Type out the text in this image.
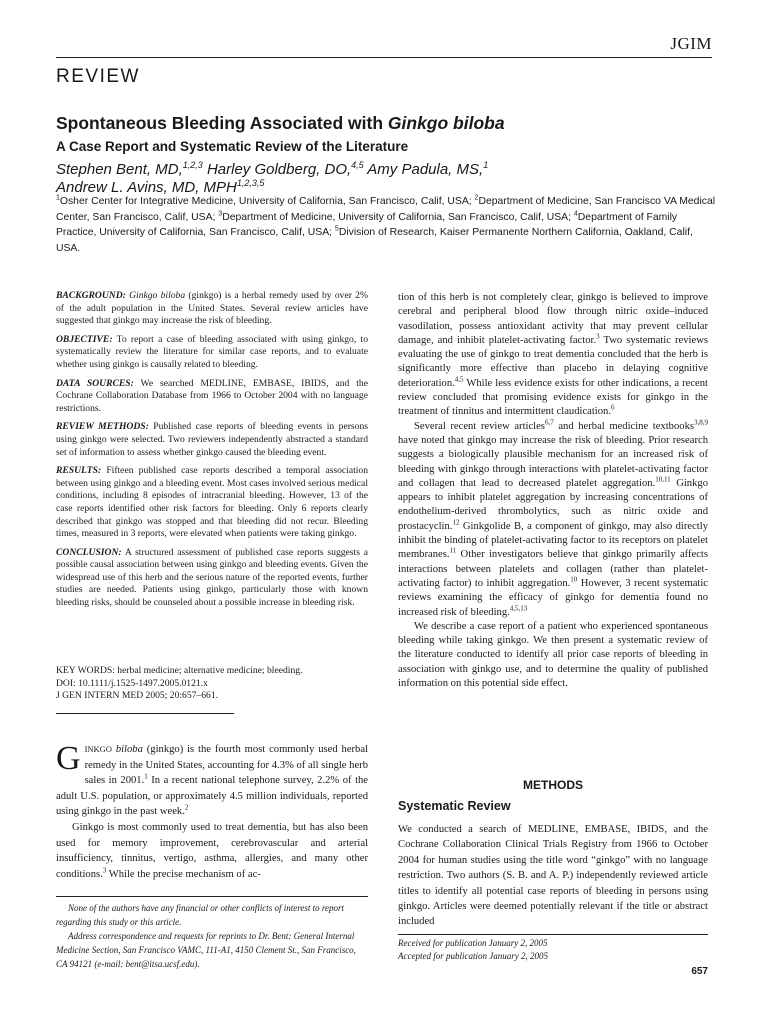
JGIM
REVIEW
Spontaneous Bleeding Associated with Ginkgo biloba
A Case Report and Systematic Review of the Literature
Stephen Bent, MD,$^{1,2,3}$ Harley Goldberg, DO,$^{4,5}$ Amy Padula, MS,$^1$
Andrew L. Avins, MD, MPH$^{1,2,3,5}$
$^1$Osher Center for Integrative Medicine, University of California, San Francisco, Calif, USA; $^2$Department of Medicine, San Francisco VA Medical Center, San Francisco, Calif, USA; $^3$Department of Medicine, University of California, San Francisco, Calif, USA; $^4$Department of Family Practice, University of California, San Francisco, Calif, USA; $^5$Division of Research, Kaiser Permanente Northern California, Oakland, Calif, USA.

BACKGROUND: Ginkgo biloba (ginkgo) is a herbal remedy used by over 2% of the adult population in the United States. Several review articles have suggested that ginkgo may increase the risk of bleeding.

OBJECTIVE: To report a case of bleeding associated with using ginkgo, to systematically review the literature for similar case reports, and to evaluate whether using ginkgo is causally related to bleeding.

DATA SOURCES: We searched MEDLINE, EMBASE, IBIDS, and the Cochrane Collaboration Database from 1966 to October 2004 with no language restrictions.

REVIEW METHODS: Published case reports of bleeding events in persons using ginkgo were selected. Two reviewers independently abstracted a standard set of information to assess whether ginkgo caused the bleeding event.

RESULTS: Fifteen published case reports described a temporal association between using ginkgo and a bleeding event. Most cases involved serious medical conditions, including 8 episodes of intracranial bleeding. However, 13 of the case reports identified other risk factors for bleeding. Only 6 reports clearly described that ginkgo was stopped and that bleeding did not recur. Bleeding times, measured in 3 reports, were elevated when patients were taking ginkgo.

CONCLUSION: A structured assessment of published case reports suggests a possible causal association between using ginkgo and bleeding events. Given the widespread use of this herb and the serious nature of the reported events, further studies are needed. Patients using ginkgo, particularly those with known bleeding risks, should be counseled about a possible increase in bleeding risk.

KEY WORDS: herbal medicine; alternative medicine; bleeding.
DOI: 10.1111/j.1525-1497.2005.0121.x
J GEN INTERN MED 2005; 20:657–661.

GINKGO biloba (ginkgo) is the fourth most commonly used herbal remedy in the United States, accounting for 4.3% of all single herb sales in 2001.$^1$ In a recent national telephone survey, 2.2% of the adult U.S. population, or approximately 4.5 million individuals, reported using ginkgo in the past week.$^2$

Ginkgo is most commonly used to treat dementia, but has also been used for memory improvement, cerebrovascular and arterial insufficiency, tinnitus, vertigo, asthma, allergies, and many other conditions.$^3$ While the precise mechanism of ac-

None of the authors have any financial or other conflicts of interest to report regarding this study or this article.

Address correspondence and requests for reprints to Dr. Bent: General Internal Medicine Section, San Francisco VAMC, 111-A1, 4150 Clement St., San Francisco, CA 94121 (e-mail: bent@itsa.ucsf.edu).

tion of this herb is not completely clear, ginkgo is believed to improve cerebral and peripheral blood flow through nitric oxide–induced vasodilation, possess antioxidant activity that may prevent cellular damage, and inhibit platelet-activating factor.$^3$ Two systematic reviews evaluating the use of ginkgo to treat dementia concluded that the herb is significantly more effective than placebo in delaying cognitive deterioration.$^{4,5}$ While less evidence exists for other indications, a recent review concluded that promising evidence exists for ginkgo in the treatment of tinnitus and intermittent claudication.$^6$

Several recent review articles$^{6,7}$ and herbal medicine textbooks$^{3,8,9}$ have noted that ginkgo may increase the risk of bleeding. Prior research suggests a biologically plausible mechanism for an increased risk of bleeding with ginkgo through interactions with platelet-activating factor and collagen that lead to decreased platelet aggregation.$^{10,11}$ Ginkgo appears to inhibit platelet aggregation by increasing concentrations of endothelium-derived thrombolytics, such as nitric oxide and prostacyclin.$^{12}$ Ginkgolide B, a component of ginkgo, may also directly inhibit the binding of platelet-activating factor to its receptors on platelet membranes.$^{11}$ Other investigators believe that ginkgo primarily affects interactions between platelets and collagen (rather than platelet-activating factor) to inhibit aggregation.$^{10}$ However, 3 recent systematic reviews examining the efficacy of ginkgo for dementia found no increased risk of bleeding.$^{4,5,13}$

We describe a case report of a patient who experienced spontaneous bleeding while taking ginkgo. We then present a systematic review of the literature conducted to identify all prior case reports of bleeding in association with ginkgo use, and to determine the quality of published information on this potential side effect.

METHODS
Systematic Review

We conducted a search of MEDLINE, EMBASE, IBIDS, and the Cochrane Collaboration Clinical Trials Registry from 1966 to October 2004 for human studies using the title word “ginkgo” with no language restriction. Two authors (S. B. and A. P.) independently reviewed article titles to identify all potential case reports of bleeding in persons using ginkgo. Articles were deemed potentially relevant if the title or abstract included

Received for publication January 2, 2005
Accepted for publication January 2, 2005
657
